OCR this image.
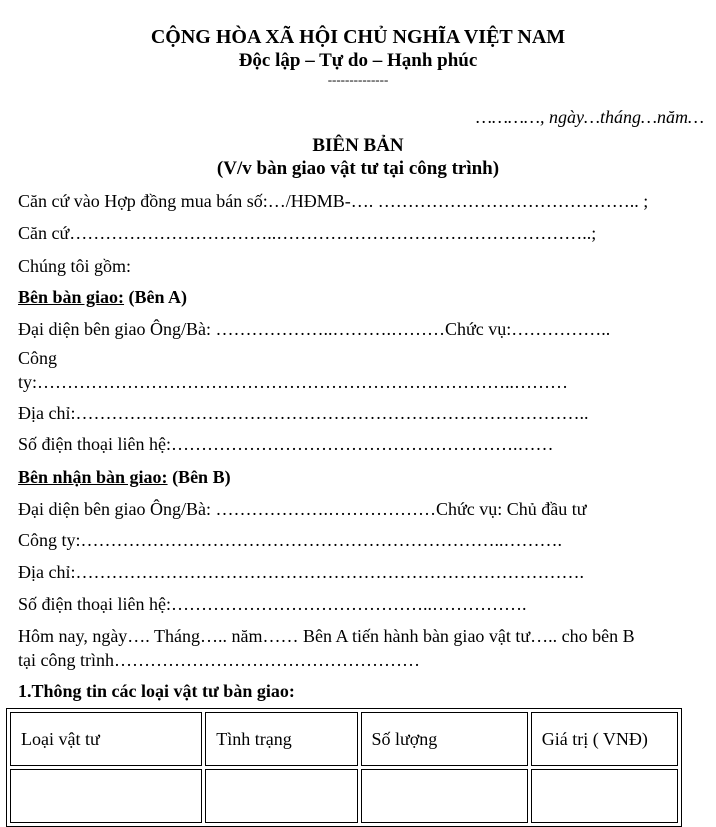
CỘNG HÒA XÃ HỘI CHỦ NGHĨA VIỆT NAM
Độc lập – Tự do – Hạnh phúc
--------------
…………, ngày…tháng…năm…
BIÊN BẢN
(V/v bàn giao vật tư tại công trình)
Căn cứ vào Hợp đồng mua bán số:…/HĐMB-…. …………………………………….. ;
Căn cứ……………………………..……………………………………………..;
Chúng tôi gồm:
Bên bàn giao: (Bên A)
Đại diện bên giao Ông/Bà: ………………..……….………Chức vụ:……………..
Công
ty:……………………………………………………………………..………
Địa chỉ:…………………………………………………………………………..
Số điện thoại liên hệ:………………………………………………….……
Bên nhận bàn giao: (Bên B)
Đại diện bên giao Ông/Bà: ……………….………………Chức vụ: Chủ đầu tư
Công ty:……………………………………………………………..……….
Địa chỉ:………………………………………………………………………….
Số điện thoại liên hệ:……………………………………..…………….
Hôm nay, ngày…. Tháng….. năm…… Bên A tiến hành bàn giao vật tư….. cho bên B
tại công trình……………………………………………
1.Thông tin các loại vật tư bàn giao:
Loại vật tư	Tình trạng	Số lượng	Giá trị ( VNĐ)
